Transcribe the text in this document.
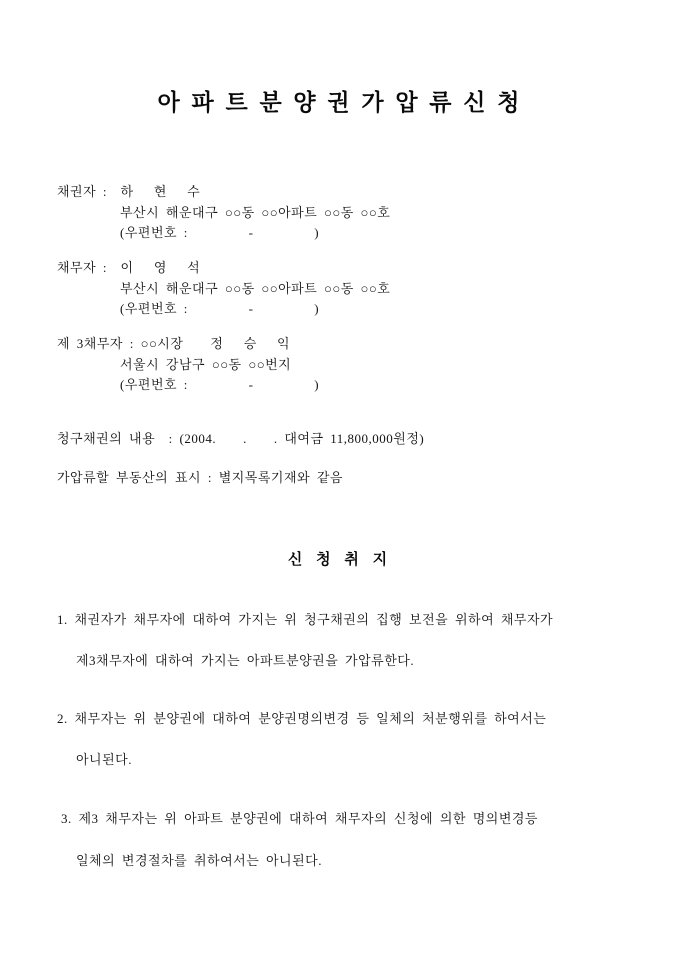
아 파 트 분 양 권 가 압 류 신 청
채권자 :  하   현   수
부산시 해운대구 ○○동 ○○아파트 ○○동 ○○호
(우편번호 :         -         )
채무자 :  이   영   석
부산시 해운대구 ○○동 ○○아파트 ○○동 ○○호
(우편번호 :         -         )
제 3채무자 : ○○시장    정   승   익
서울시 강남구 ○○동 ○○번지
(우편번호 :         -         )
청구채권의 내용  : (2004.    .    . 대여금 11,800,000원정)
가압류할 부동산의 표시 : 별지목록기재와 같음
신 청 취 지
1. 채권자가 채무자에 대하여 가지는 위 청구채권의 집행 보전을 위하여 채무자가
제3채무자에 대하여 가지는 아파트분양권을 가압류한다.
2. 채무자는 위 분양권에 대하여 분양권명의변경 등 일체의 처분행위를 하여서는
아니된다.
3. 제3 채무자는 위 아파트 분양권에 대하여 채무자의 신청에 의한 명의변경등
일체의 변경절차를 취하여서는 아니된다.
